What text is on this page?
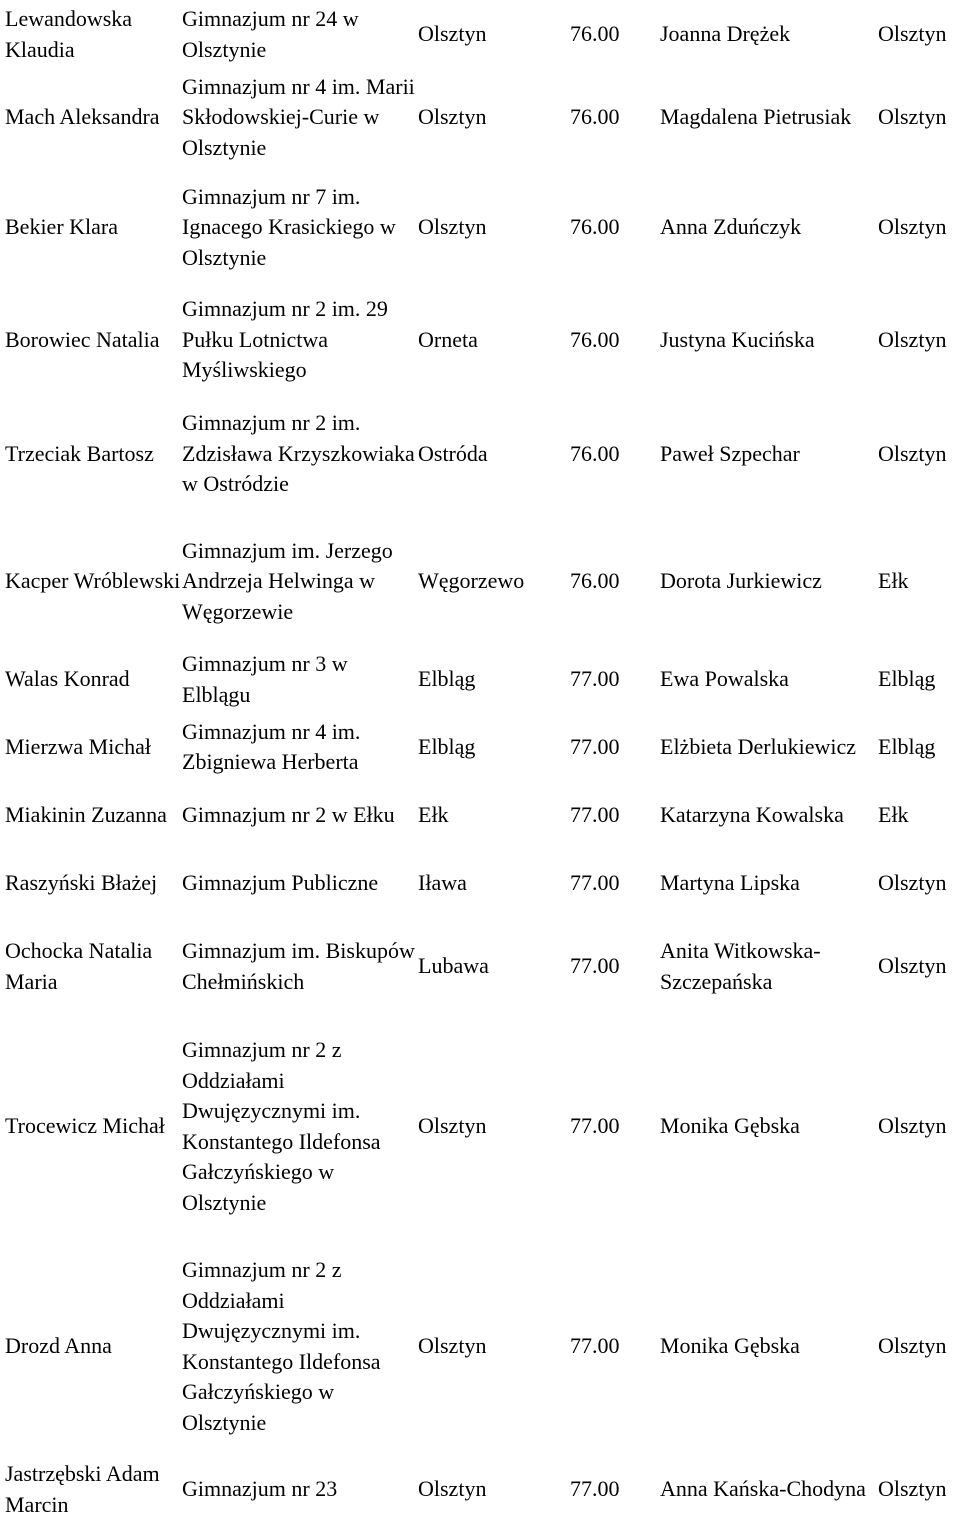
Lewandowska Klaudia	Gimnazjum nr 24 w Olsztynie	Olsztyn	76.00	Joanna Drężek	Olsztyn
Mach Aleksandra	Gimnazjum nr 4 im. Marii Skłodowskiej-Curie w Olsztynie	Olsztyn	76.00	Magdalena Pietrusiak	Olsztyn
Bekier Klara	Gimnazjum nr 7 im. Ignacego Krasickiego w Olsztynie	Olsztyn	76.00	Anna Zduńczyk	Olsztyn
Borowiec Natalia	Gimnazjum nr 2 im. 29 Pułku Lotnictwa Myśliwskiego	Orneta	76.00	Justyna Kucińska	Olsztyn
Trzeciak Bartosz	Gimnazjum nr 2 im. Zdzisława Krzyszkowiaka w Ostródzie	Ostróda	76.00	Paweł Szpechar	Olsztyn
Kacper Wróblewski	Gimnazjum im. Jerzego Andrzeja Helwinga w Węgorzewie	Węgorzewo	76.00	Dorota Jurkiewicz	Ełk
Walas Konrad	Gimnazjum nr 3 w Elblągu	Elbląg	77.00	Ewa Powalska	Elbląg
Mierzwa Michał	Gimnazjum nr 4 im. Zbigniewa Herberta	Elbląg	77.00	Elżbieta Derlukiewicz	Elbląg
Miakinin Zuzanna	Gimnazjum nr 2 w Ełku	Ełk	77.00	Katarzyna Kowalska	Ełk
Raszyński Błażej	Gimnazjum Publiczne	Iława	77.00	Martyna Lipska	Olsztyn
Ochocka Natalia Maria	Gimnazjum im. Biskupów Chełmińskich	Lubawa	77.00	Anita Witkowska-Szczepańska	Olsztyn
Trocewicz Michał	Gimnazjum nr 2 z Oddziałami Dwujęzycznymi im. Konstantego Ildefonsa Gałczyńskiego w Olsztynie	Olsztyn	77.00	Monika Gębska	Olsztyn
Drozd Anna	Gimnazjum nr 2 z Oddziałami Dwujęzycznymi im. Konstantego Ildefonsa Gałczyńskiego w Olsztynie	Olsztyn	77.00	Monika Gębska	Olsztyn
Jastrzębski Adam Marcin	Gimnazjum nr 23	Olsztyn	77.00	Anna Kańska-Chodyna	Olsztyn
